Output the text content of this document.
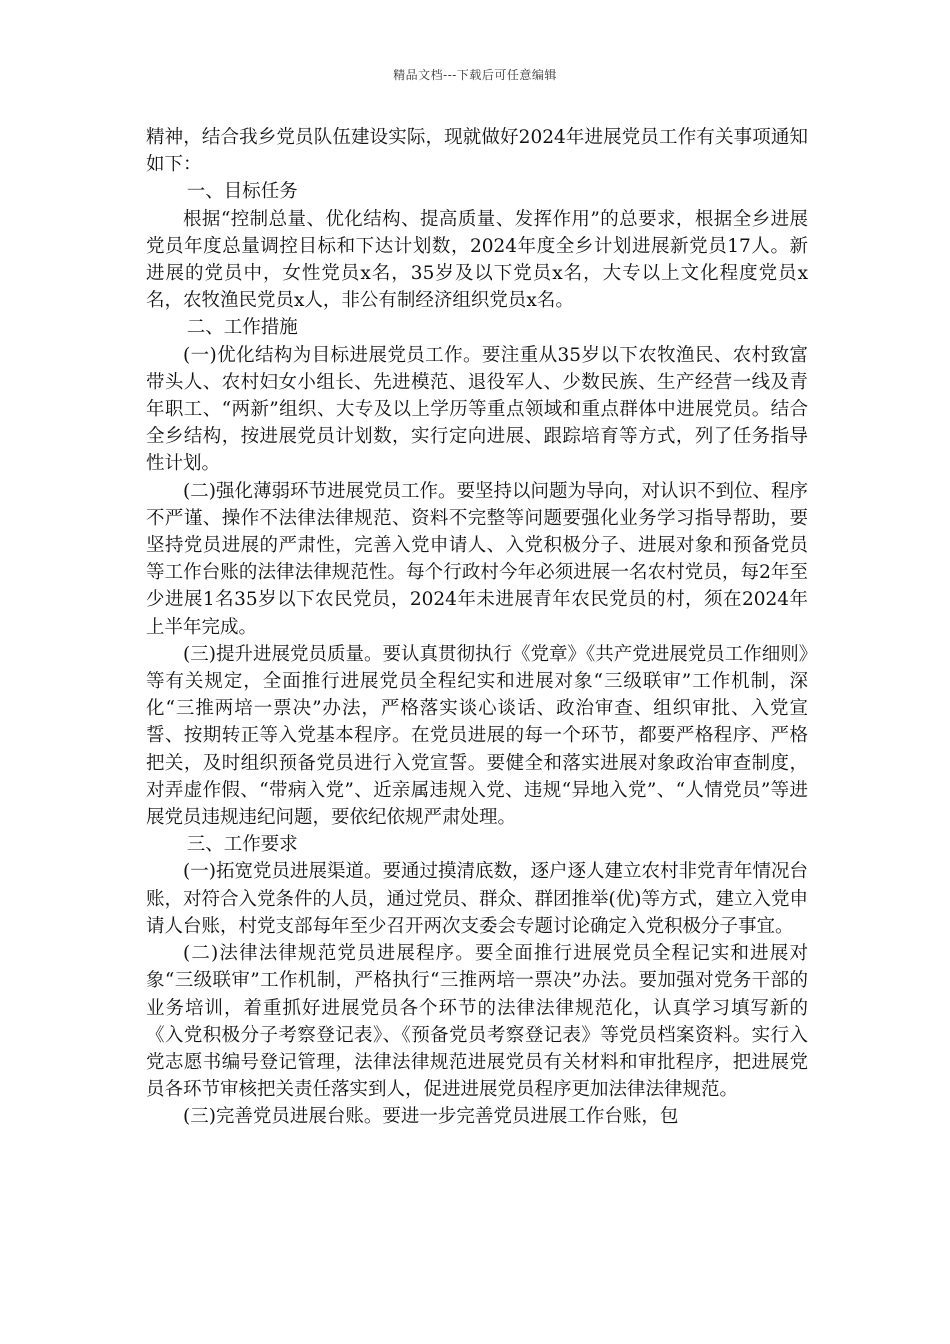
精品文档---下载后可任意编辑

精神，结合我乡党员队伍建设实际，现就做好2024年进展党员工作有关事项通知如下：

一、目标任务

根据“控制总量、优化结构、提高质量、发挥作用”的总要求，根据全乡进展党员年度总量调控目标和下达计划数，2024年度全乡计划进展新党员17人。新进展的党员中，女性党员x名，35岁及以下党员x名，大专以上文化程度党员x名，农牧渔民党员x人，非公有制经济组织党员x名。

二、工作措施

(一)优化结构为目标进展党员工作。要注重从35岁以下农牧渔民、农村致富带头人、农村妇女小组长、先进模范、退役军人、少数民族、生产经营一线及青年职工、“两新”组织、大专及以上学历等重点领域和重点群体中进展党员。结合全乡结构，按进展党员计划数，实行定向进展、跟踪培育等方式，列了任务指导性计划。

(二)强化薄弱环节进展党员工作。要坚持以问题为导向，对认识不到位、程序不严谨、操作不法律法律规范、资料不完整等问题要强化业务学习指导帮助，要坚持党员进展的严肃性，完善入党申请人、入党积极分子、进展对象和预备党员等工作台账的法律法律规范性。每个行政村今年必须进展一名农村党员，每2年至少进展1名35岁以下农民党员，2024年未进展青年农民党员的村，须在2024年上半年完成。

(三)提升进展党员质量。要认真贯彻执行《党章》《共产党进展党员工作细则》等有关规定，全面推行进展党员全程纪实和进展对象“三级联审”工作机制，深化“三推两培一票决”办法，严格落实谈心谈话、政治审查、组织审批、入党宣誓、按期转正等入党基本程序。在党员进展的每一个环节，都要严格程序、严格把关，及时组织预备党员进行入党宣誓。要健全和落实进展对象政治审查制度，对弄虚作假、“带病入党”、近亲属违规入党、违规“异地入党”、“人情党员”等进展党员违规违纪问题，要依纪依规严肃处理。

三、工作要求

(一)拓宽党员进展渠道。要通过摸清底数，逐户逐人建立农村非党青年情况台账，对符合入党条件的人员，通过党员、群众、群团推举(优)等方式，建立入党申请人台账，村党支部每年至少召开两次支委会专题讨论确定入党积极分子事宜。

(二)法律法律规范党员进展程序。要全面推行进展党员全程记实和进展对象“三级联审”工作机制，严格执行“三推两培一票决”办法。要加强对党务干部的业务培训，着重抓好进展党员各个环节的法律法律规范化，认真学习填写新的《入党积极分子考察登记表》、《预备党员考察登记表》等党员档案资料。实行入党志愿书编号登记管理，法律法律规范进展党员有关材料和审批程序，把进展党员各环节审核把关责任落实到人，促进进展党员程序更加法律法律规范。

(三)完善党员进展台账。要进一步完善党员进展工作台账，包
